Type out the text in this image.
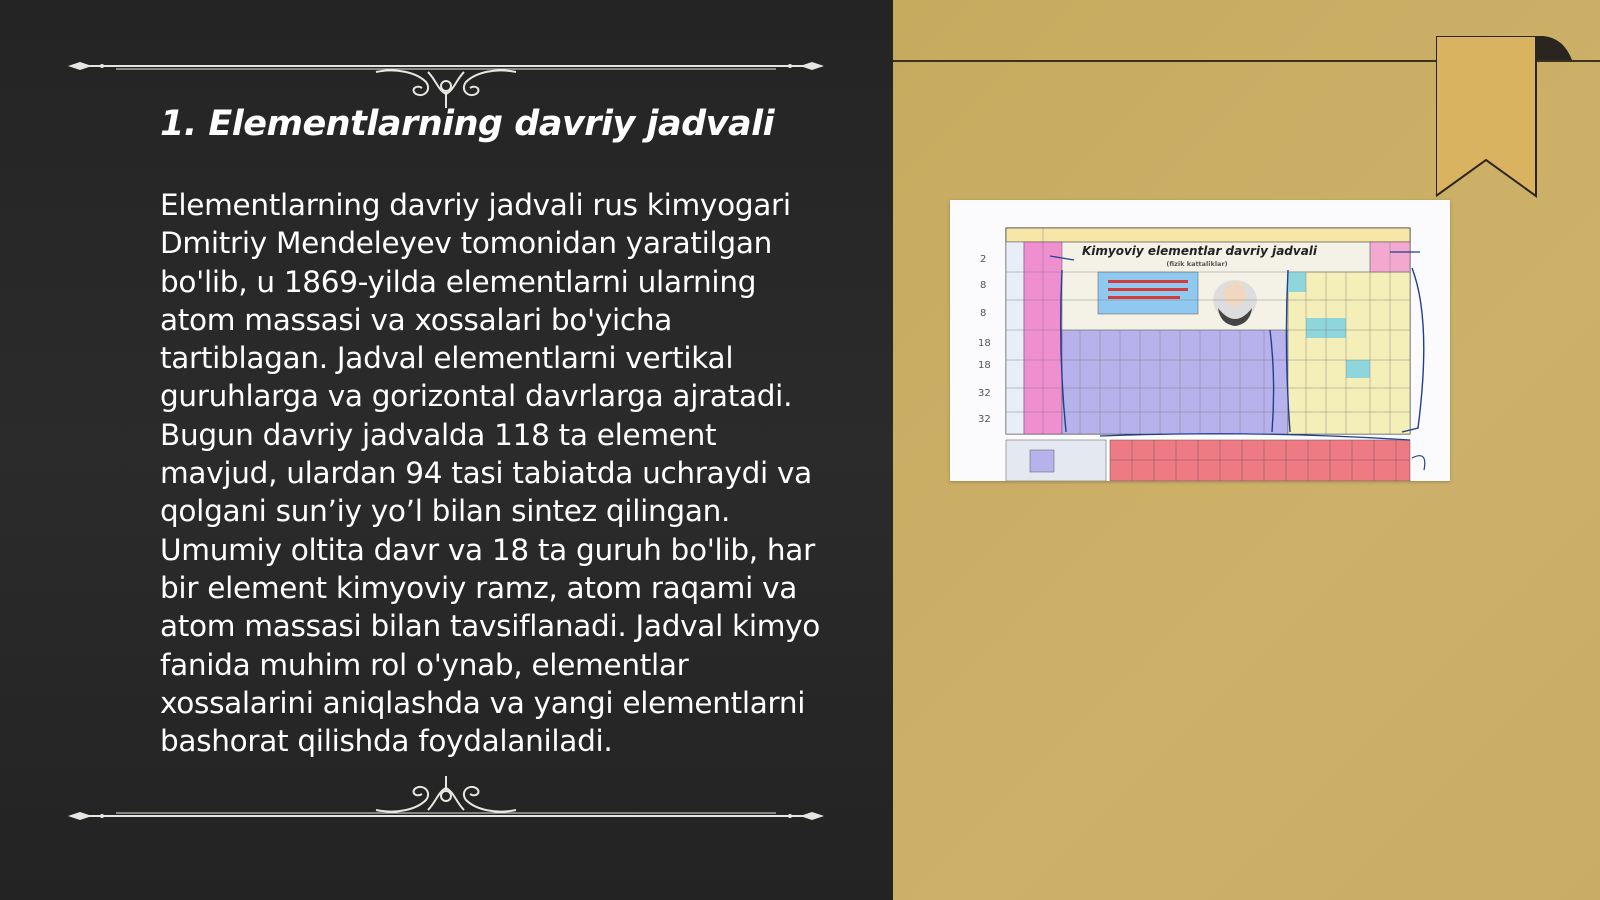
1. Elementlarning davriy jadvali

Elementlarning davriy jadvali rus kimyogari Dmitriy Mendeleyev tomonidan yaratilgan bo'lib, u 1869-yilda elementlarni ularning atom massasi va xossalari bo'yicha tartiblagan. Jadval elementlarni vertikal guruhlarga va gorizontal davrlarga ajratadi. Bugun davriy jadvalda 118 ta element mavjud, ulardan 94 tasi tabiatda uchraydi va qolgani sun’iy yo’l bilan sintez qilingan. Umumiy oltita davr va 18 ta guruh bo'lib, har bir element kimyoviy ramz, atom raqami va atom massasi bilan tavsiflanadi. Jadval kimyo fanida muhim rol o'ynab, elementlar xossalarini aniqlashda va yangi elementlarni bashorat qilishda foydalaniladi.

2
8
8
18
18
32
32
Kimyoviy elementlar davriy jadvali
(fizik kattaliklar)
